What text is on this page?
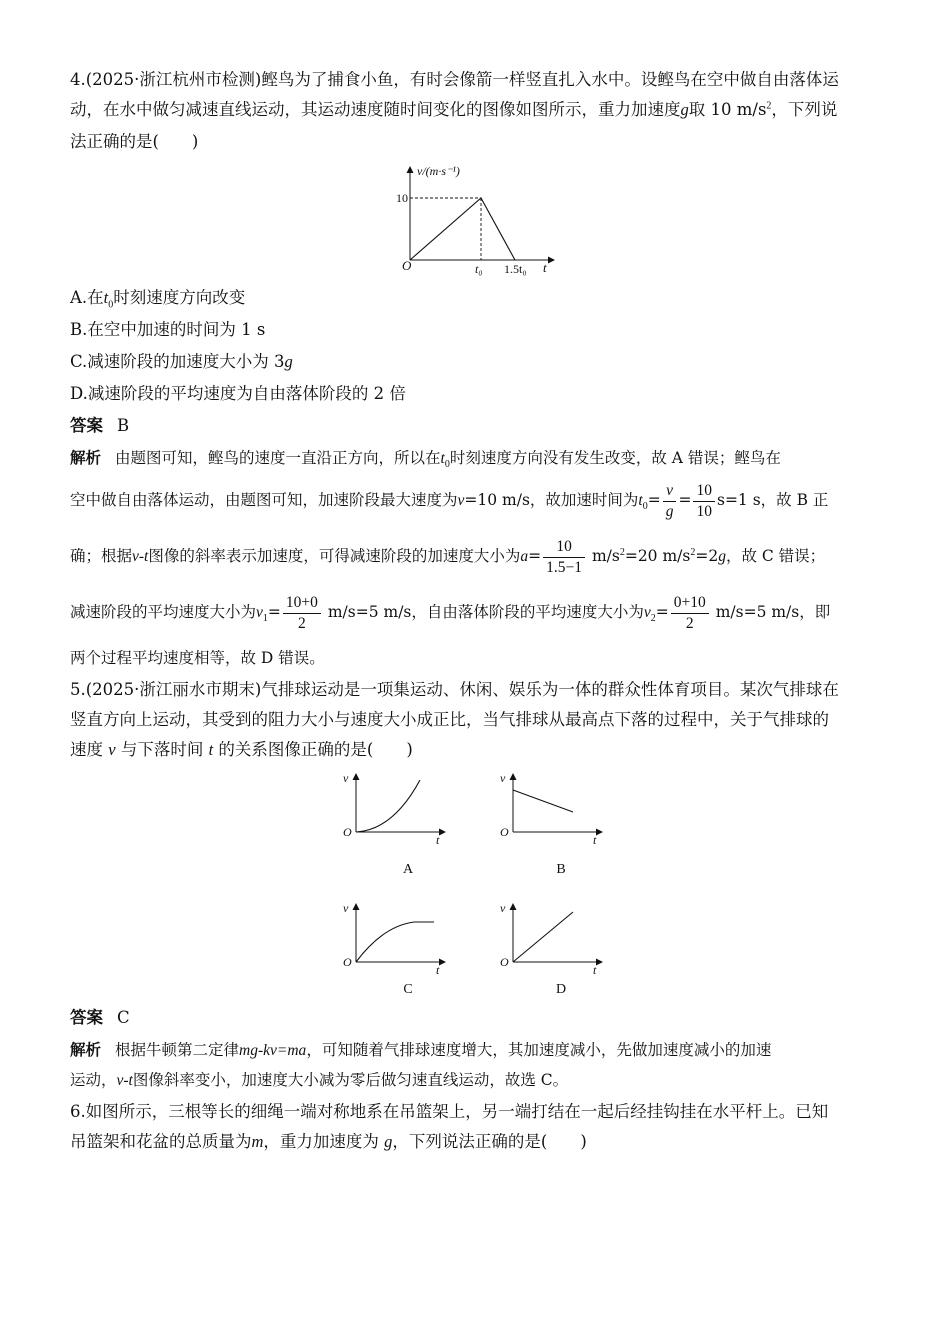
4.(2025·浙江杭州市检测)鲣鸟为了捕食小鱼，有时会像箭一样竖直扎入水中。设鲣鸟在空中做自由落体运
动，在水中做匀减速直线运动，其运动速度随时间变化的图像如图所示，重力加速度g取 10 $m/s^2$，下列说
法正确的是(　　)
v/(m·s⁻¹)
10
O	t₀ 1.5t₀ t
A.在$t_0$时刻速度方向改变
B.在空中加速的时间为 1 s
C.减速阶段的加速度大小为 3g
D.减速阶段的平均速度为自由落体阶段的 2 倍
答案 B
解析 由题图可知，鲣鸟的速度一直沿正方向，所以在$t_0$时刻速度方向没有发生改变，故 A 错误；鲣鸟在
空中做自由落体运动，由题图可知，加速阶段最大速度为v=10 m/s，故加速时间为$t_0= \frac{v}{g} = \frac{10}{10} s=1$ s，故 B 正
确；根据v-t图像的斜率表示加速度，可得减速阶段的加速度大小为$a= \frac{10}{1.5-1} m/s^2=20$ $m/s^2=2g$，故 C 错误；
减速阶段的平均速度大小为$v_1= \frac{10+0}{2} m/s=5$ m/s，自由落体阶段的平均速度大小为$v_2= \frac{0+10}{2} m/s=5$ m/s，即
两个过程平均速度相等，故 D 错误。
5.(2025·浙江丽水市期末)气排球运动是一项集运动、休闲、娱乐为一体的群众性体育项目。某次气排球在
竖直方向上运动，其受到的阻力大小与速度大小成正比，当气排球从最高点下落的过程中，关于气排球的
速度 v 与下落时间 t 的关系图像正确的是(　　)
v
O
t
A
v
O
t
B
v
O
t
C
v
O
t
D
答案 C
解析 根据牛顿第二定律mg-kv=ma，可知随着气排球速度增大，其加速度减小，先做加速度减小的加速
运动，v-t图像斜率变小，加速度大小减为零后做匀速直线运动，故选 C。
6.如图所示，三根等长的细绳一端对称地系在吊篮架上，另一端打结在一起后经挂钩挂在水平杆上。已知
吊篮架和花盆的总质量为m，重力加速度为 g，下列说法正确的是(　　)
